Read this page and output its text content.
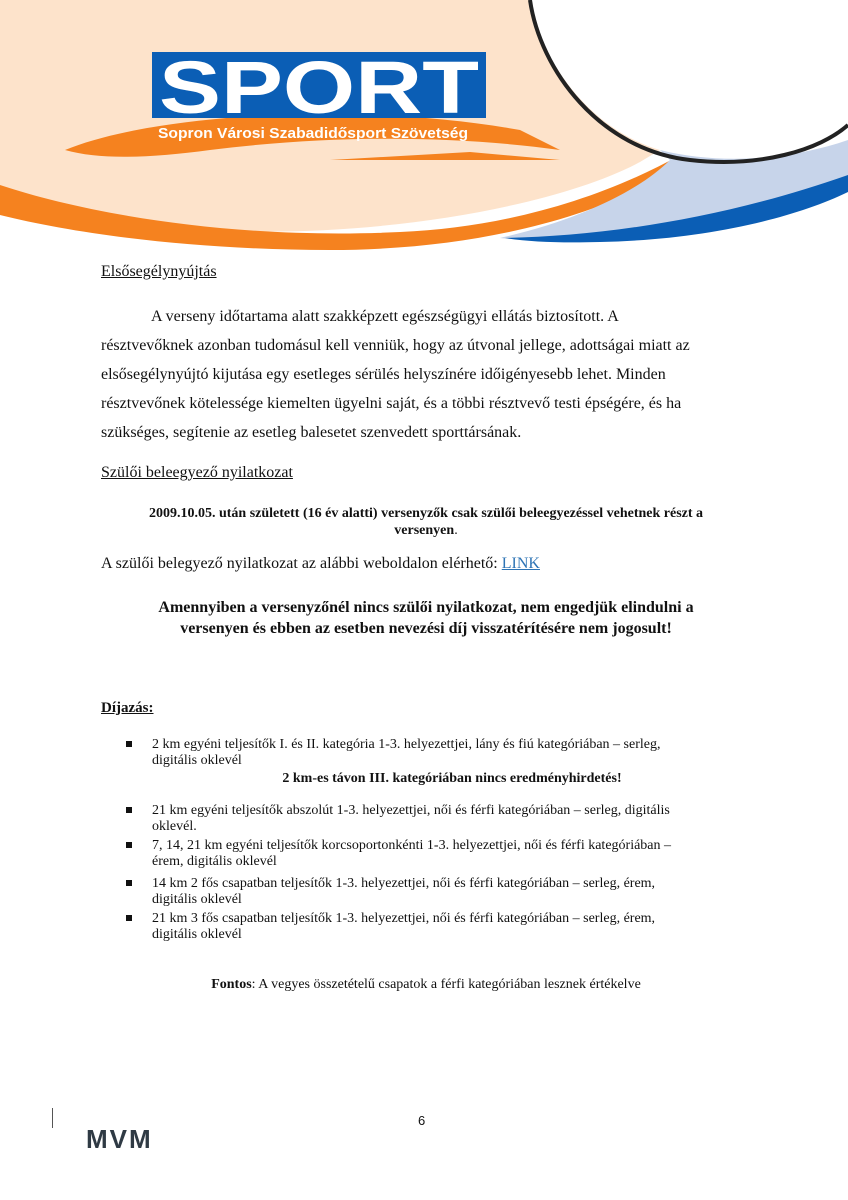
SPORT
Sopron Városi Szabadidősport Szövetség
Elsősegélynyújtás
A verseny időtartama alatt szakképzett egészségügyi ellátás biztosított. A
résztvevőknek azonban tudomásul kell venniük, hogy az útvonal jellege, adottságai miatt az
elsősegélynyújtó kijutása egy esetleges sérülés helyszínére időigényesebb lehet. Minden
résztvevőnek kötelessége kiemelten ügyelni saját, és a többi résztvevő testi épségére, és ha
szükséges, segítenie az esetleg balesetet szenvedett sporttársának.
Szülői beleegyező nyilatkozat
2009.10.05. után született (16 év alatti) versenyzők csak szülői beleegyezéssel vehetnek részt a
versenyen.
A szülői belegyező nyilatkozat az alábbi weboldalon elérhető: LINK
Amennyiben a versenyzőnél nincs szülői nyilatkozat, nem engedjük elindulni a
versenyen és ebben az esetben nevezési díj visszatérítésére nem jogosult!
Díjazás:
2 km egyéni teljesítők I. és II. kategória 1-3. helyezettjei, lány és fiú kategóriában – serleg,
digitális oklevél
2 km-es távon III. kategóriában nincs eredményhirdetés!
21 km egyéni teljesítők abszolút 1-3. helyezettjei, női és férfi kategóriában – serleg, digitális
oklevél.
7, 14, 21 km egyéni teljesítők korcsoportonkénti 1-3. helyezettjei, női és férfi kategóriában –
érem, digitális oklevél
14 km 2 fős csapatban teljesítők 1-3. helyezettjei, női és férfi kategóriában – serleg, érem,
digitális oklevél
21 km 3 fős csapatban teljesítők 1-3. helyezettjei, női és férfi kategóriában – serleg, érem,
digitális oklevél
Fontos: A vegyes összetételű csapatok a férfi kategóriában lesznek értékelve
MVM
6
